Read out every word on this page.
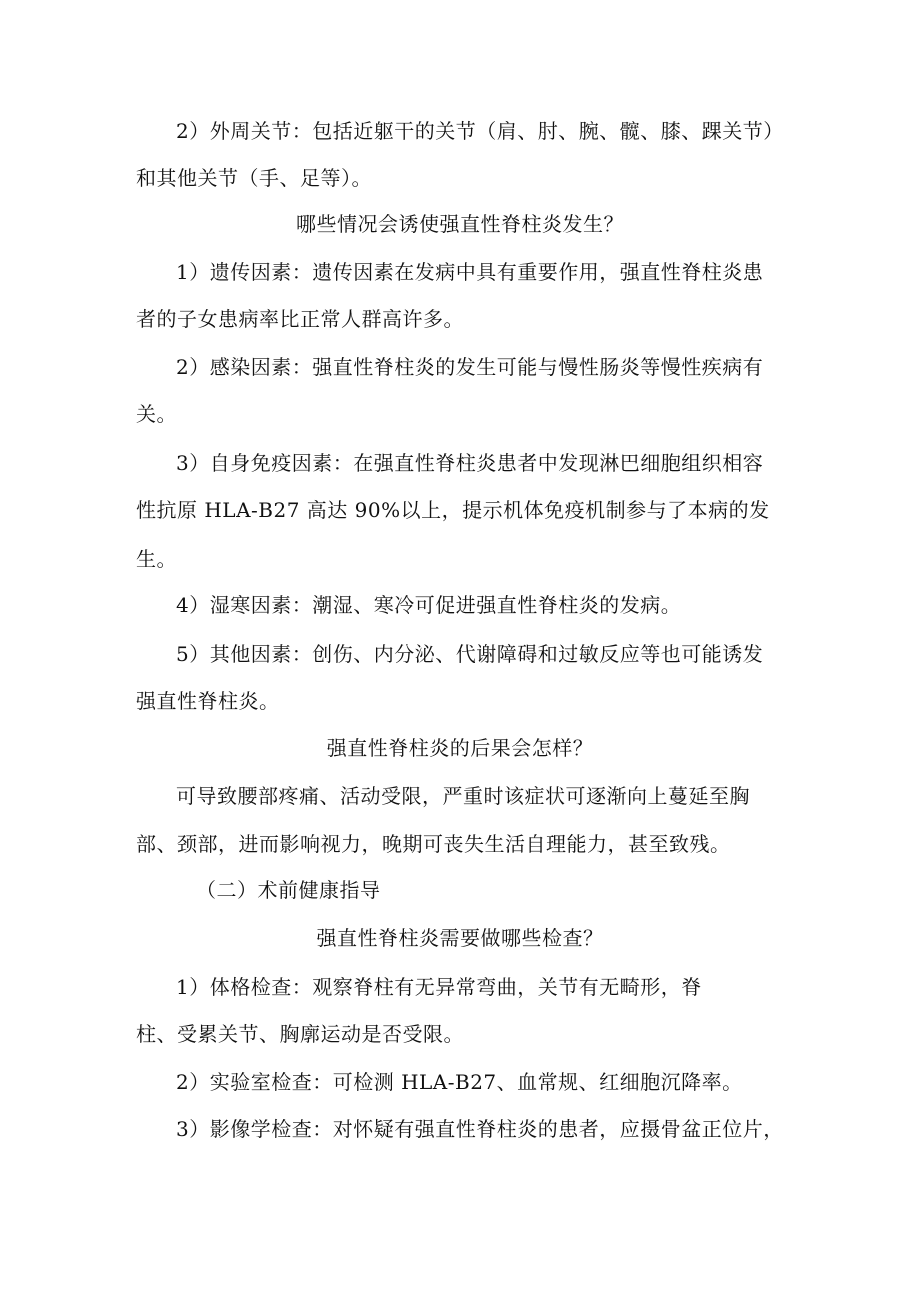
2）外周关节：包括近躯干的关节（肩、肘、腕、髋、膝、踝关节）
和其他关节（手、足等）。
哪些情况会诱使强直性脊柱炎发生？
1）遗传因素：遗传因素在发病中具有重要作用，强直性脊柱炎患
者的子女患病率比正常人群高许多。
2）感染因素：强直性脊柱炎的发生可能与慢性肠炎等慢性疾病有
关。
3）自身免疫因素：在强直性脊柱炎患者中发现淋巴细胞组织相容
性抗原 HLA-B27 高达 90%以上，提示机体免疫机制参与了本病的发
生。
4）湿寒因素：潮湿、寒冷可促进强直性脊柱炎的发病。
5）其他因素：创伤、内分泌、代谢障碍和过敏反应等也可能诱发
强直性脊柱炎。
强直性脊柱炎的后果会怎样？
可导致腰部疼痛、活动受限，严重时该症状可逐渐向上蔓延至胸
部、颈部，进而影响视力，晚期可丧失生活自理能力，甚至致残。
（二）术前健康指导
强直性脊柱炎需要做哪些检查？
1）体格检查：观察脊柱有无异常弯曲，关节有无畸形，脊
柱、受累关节、胸廓运动是否受限。
2）实验室检查：可检测 HLA-B27、血常规、红细胞沉降率。
3）影像学检查：对怀疑有强直性脊柱炎的患者，应摄骨盆正位片，
